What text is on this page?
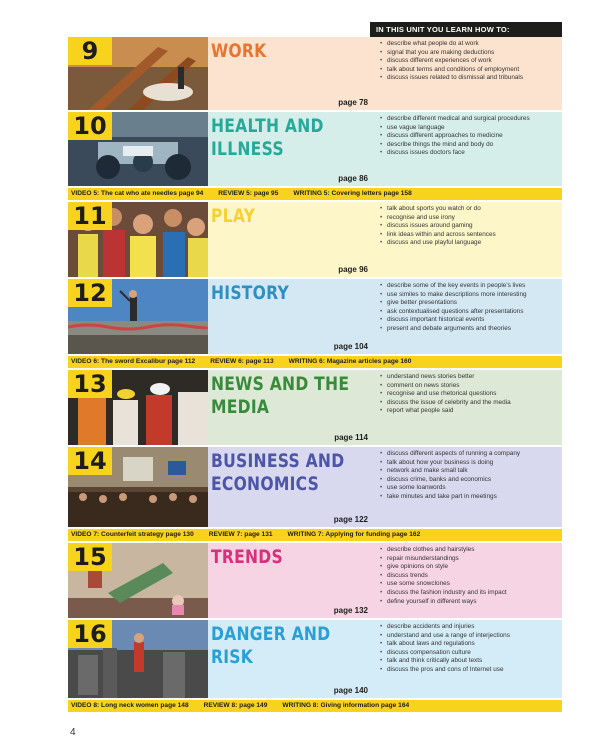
IN THIS UNIT YOU LEARN HOW TO:
9	WORK
page 78
• describe what people do at work
• signal that you are making deductions
• discuss different experiences of work
• talk about terms and conditions of employment
• discuss issues related to dismissal and tribunals
10	HEALTH AND
ILLNESS
page 86
• describe different medical and surgical procedures
• use vague language
• discuss different approaches to medicine
• describe things the mind and body do
• discuss issues doctors face
VIDEO 5: The cat who ate needles page 94 REVIEW 5: page 95 WRITING 5: Covering letters page 158
11	PLAY
page 96
• talk about sports you watch or do
• recognise and use irony
• discuss issues around gaming
• link ideas within and across sentences
• discuss and use playful language
12	HISTORY
page 104
• describe some of the key events in people's lives
• use similes to make descriptions more interesting
• give better presentations
• ask contextualised questions after presentations
• discuss important historical events
• present and debate arguments and theories
VIDEO 6: The sword Excalibur page 112 REVIEW 6: page 113 WRITING 6: Magazine articles page 160
13	NEWS AND THE
MEDIA
page 114
• understand news stories better
• comment on news stories
• recognise and use rhetorical questions
• discuss the issue of celebrity and the media
• report what people said
14	BUSINESS AND
ECONOMICS
page 122
• discuss different aspects of running a company
• talk about how your business is doing
• network and make small talk
• discuss crime, banks and economics
• use some loanwords
• take minutes and take part in meetings
VIDEO 7: Counterfeit strategy page 130 REVIEW 7: page 131 WRITING 7: Applying for funding page 162
15	TRENDS
page 132
• describe clothes and hairstyles
• repair misunderstandings
• give opinions on style
• discuss trends
• use some snowclones
• discuss the fashion industry and its impact
• define yourself in different ways
16	DANGER AND RISK
page 140
• describe accidents and injuries
• understand and use a range of interjections
• talk about laws and regulations
• discuss compensation culture
• talk and think critically about texts
• discuss the pros and cons of Internet use
VIDEO 8: Long neck women page 148 REVIEW 8: page 149 WRITING 8: Giving information page 164
4
